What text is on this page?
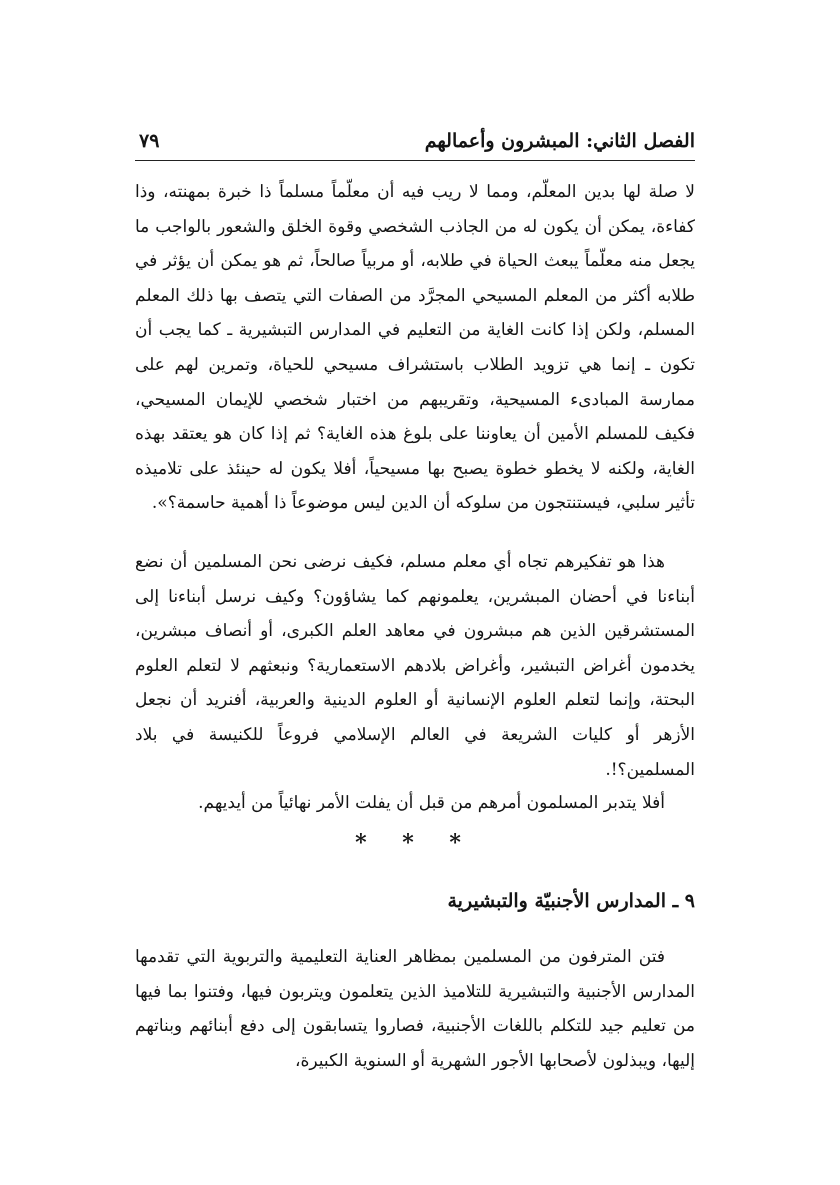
الفصل الثاني: المبشرون وأعمالهم
٧٩

لا صلة لها بدين المعلّم، ومما لا ريب فيه أن معلّماً مسلماً ذا خبرة بمهنته، وذا كفاءة، يمكن أن يكون له من الجاذب الشخصي وقوة الخلق والشعور بالواجب ما يجعل منه معلّماً يبعث الحياة في طلابه، أو مربياً صالحاً، ثم هو يمكن أن يؤثر في طلابه أكثر من المعلم المسيحي المجرَّد من الصفات التي يتصف بها ذلك المعلم المسلم، ولكن إذا كانت الغاية من التعليم في المدارس التبشيرية ـ كما يجب أن تكون ـ إنما هي تزويد الطلاب باستشراف مسيحي للحياة، وتمرين لهم على ممارسة المبادىء المسيحية، وتقريبهم من اختبار شخصي للإيمان المسيحي، فكيف للمسلم الأمين أن يعاوننا على بلوغ هذه الغاية؟ ثم إذا كان هو يعتقد بهذه الغاية، ولكنه لا يخطو خطوة يصبح بها مسيحياً، أفلا يكون له حينئذ على تلاميذه تأثير سلبي، فيستنتجون من سلوكه أن الدين ليس موضوعاً ذا أهمية حاسمة؟».

هذا هو تفكيرهم تجاه أي معلم مسلم، فكيف نرضى نحن المسلمين أن نضع أبناءنا في أحضان المبشرين، يعلمونهم كما يشاؤون؟ وكيف نرسل أبناءنا إلى المستشرقين الذين هم مبشرون في معاهد العلم الكبرى، أو أنصاف مبشرين، يخدمون أغراض التبشير، وأغراض بلادهم الاستعمارية؟ ونبعثهم لا لتعلم العلوم البحتة، وإنما لتعلم العلوم الإنسانية أو العلوم الدينية والعربية، أفنريد أن نجعل الأزهر أو كليات الشريعة في العالم الإسلامي فروعاً للكنيسة في بلاد المسلمين؟!.

أفلا يتدبر المسلمون أمرهم من قبل أن يفلت الأمر نهائياً من أيديهم.

* * *
٩ ـ المدارس الأجنبيّة والتبشيرية

فتن المترفون من المسلمين بمظاهر العناية التعليمية والتربوية التي تقدمها المدارس الأجنبية والتبشيرية للتلاميذ الذين يتعلمون ويتربون فيها، وفتنوا بما فيها من تعليم جيد للتكلم باللغات الأجنبية، فصاروا يتسابقون إلى دفع أبنائهم وبناتهم إليها، ويبذلون لأصحابها الأجور الشهرية أو السنوية الكبيرة،
